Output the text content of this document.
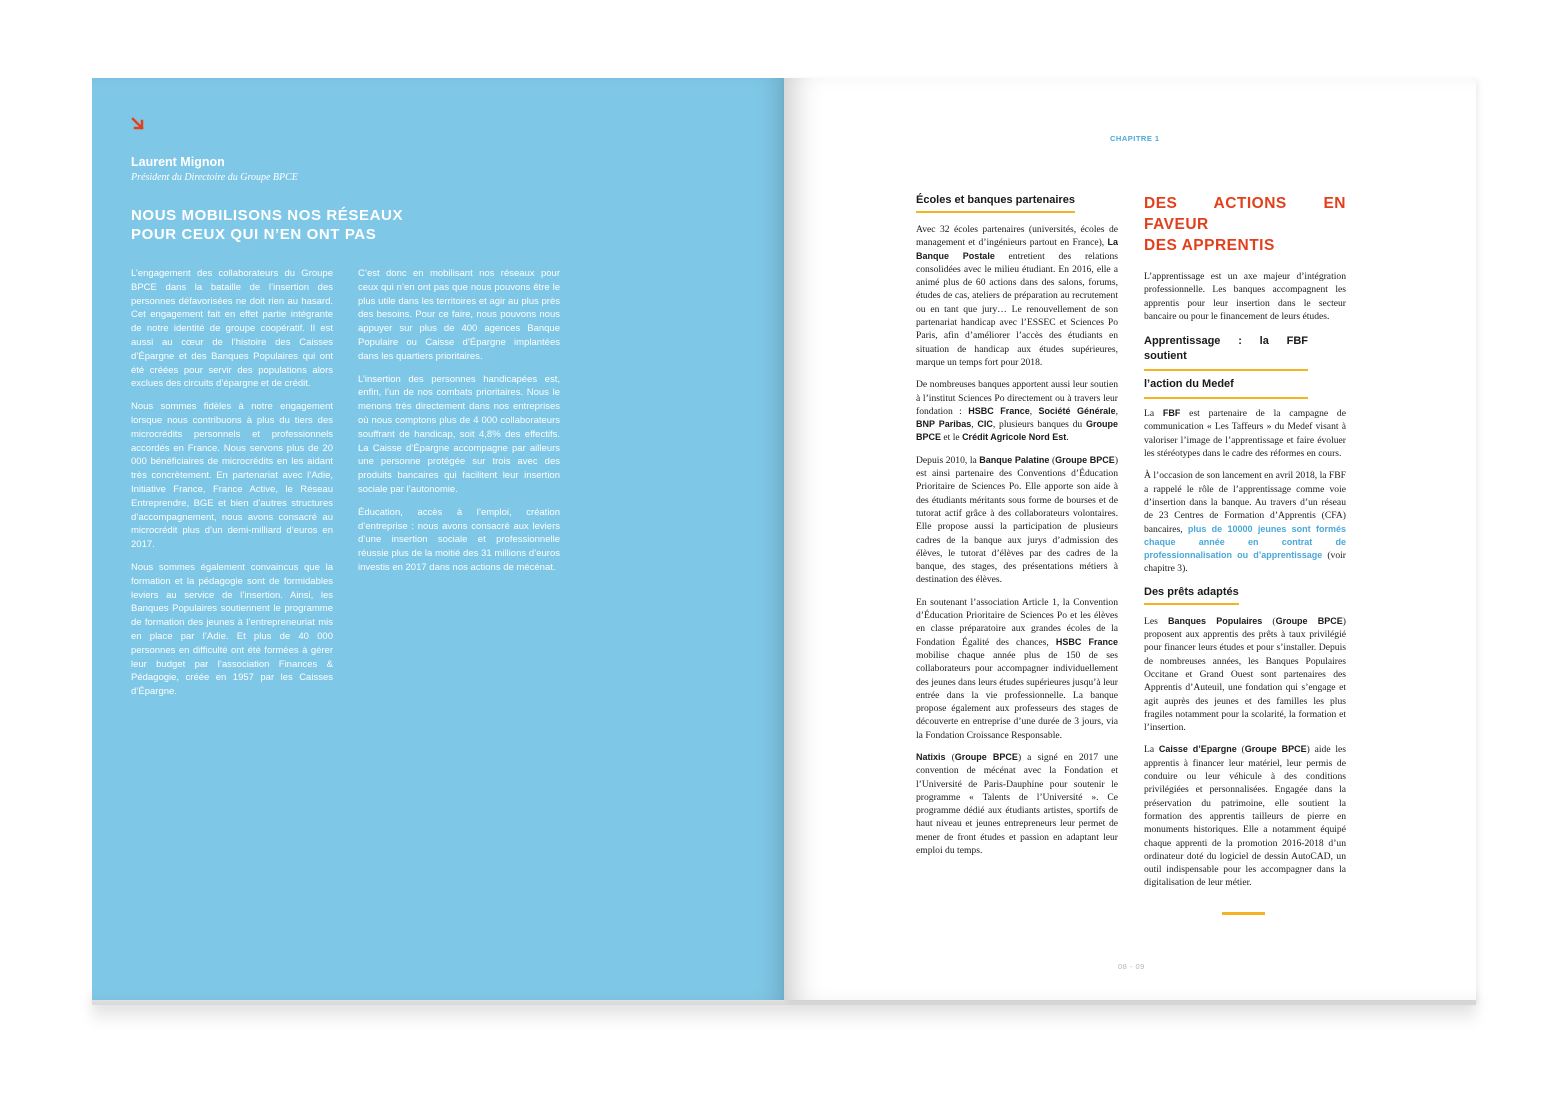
Laurent Mignon
Président du Directoire du Groupe BPCE
NOUS MOBILISONS NOS RÉSEAUX
POUR CEUX QUI N’EN ONT PAS

L’engagement des collaborateurs du Groupe BPCE dans la bataille de l’insertion des personnes défavorisées ne doit rien au hasard. Cet engagement fait en effet partie intégrante de notre identité de groupe coopératif. Il est aussi au cœur de l’histoire des Caisses d’Épargne et des Banques Populaires qui ont été créées pour servir des populations alors exclues des circuits d’épargne et de crédit.

Nous sommes fidèles à notre engagement lorsque nous contribuons à plus du tiers des microcrédits personnels et professionnels accordés en France. Nous servons plus de 20 000 bénéficiaires de microcrédits en les aidant très concrètement. En partenariat avec l’Adie, Initiative France, France Active, le Réseau Entreprendre, BGE et bien d’autres structures d’accompagnement, nous avons consacré au microcrédit plus d’un demi-milliard d’euros en 2017.

Nous sommes également convaincus que la formation et la pédagogie sont de formidables leviers au service de l’insertion. Ainsi, les Banques Populaires soutiennent le programme de formation des jeunes à l’entrepreneuriat mis en place par l’Adie. Et plus de 40 000 personnes en difficulté ont été formées à gérer leur budget par l’association Finances & Pédagogie, créée en 1957 par les Caisses d’Épargne.

C’est donc en mobilisant nos réseaux pour ceux qui n’en ont pas que nous pouvons être le plus utile dans les territoires et agir au plus près des besoins. Pour ce faire, nous pouvons nous appuyer sur plus de 400 agences Banque Populaire ou Caisse d’Épargne implantées dans les quartiers prioritaires.

L’insertion des personnes handicapées est, enfin, l’un de nos combats prioritaires. Nous le menons très directement dans nos entreprises où nous comptons plus de 4 000 collaborateurs souffrant de handicap, soit 4,8% des effectifs. La Caisse d’Épargne accompagne par ailleurs une personne protégée sur trois avec des produits bancaires qui facilitent leur insertion sociale par l’autonomie.

Éducation, accès à l’emploi, création d’entreprise : nous avons consacré aux leviers d’une insertion sociale et professionnelle réussie plus de la moitié des 31 millions d’euros investis en 2017 dans nos actions de mécénat.

CHAPITRE 1
Écoles et banques partenaires

Avec 32 écoles partenaires (universités, écoles de management et d’ingénieurs partout en France), La Banque Postale entretient des relations consolidées avec le milieu étudiant. En 2016, elle a animé plus de 60 actions dans des salons, forums, études de cas, ateliers de préparation au recrutement ou en tant que jury… Le renouvellement de son partenariat handicap avec l’ESSEC et Sciences Po Paris, afin d’améliorer l’accès des étudiants en situation de handicap aux études supérieures, marque un temps fort pour 2018.

De nombreuses banques apportent aussi leur soutien à l’institut Sciences Po directement ou à travers leur fondation : HSBC France, Société Générale, BNP Paribas, CIC, plusieurs banques du Groupe BPCE et le Crédit Agricole Nord Est.

Depuis 2010, la Banque Palatine (Groupe BPCE) est ainsi partenaire des Conventions d’Éducation Prioritaire de Sciences Po. Elle apporte son aide à des étudiants méritants sous forme de bourses et de tutorat actif grâce à des collaborateurs volontaires. Elle propose aussi la participation de plusieurs cadres de la banque aux jurys d’admission des élèves, le tutorat d’élèves par des cadres de la banque, des stages, des présentations métiers à destination des élèves.

En soutenant l’association Article 1, la Convention d’Éducation Prioritaire de Sciences Po et les élèves en classe préparatoire aux grandes écoles de la Fondation Égalité des chances, HSBC France mobilise chaque année plus de 150 de ses collaborateurs pour accompagner individuellement des jeunes dans leurs études supérieures jusqu’à leur entrée dans la vie professionnelle. La banque propose également aux professeurs des stages de découverte en entreprise d’une durée de 3 jours, via la Fondation Croissance Responsable.

Natixis (Groupe BPCE) a signé en 2017 une convention de mécénat avec la Fondation et l’Université de Paris-Dauphine pour soutenir le programme « Talents de l’Université ». Ce programme dédié aux étudiants artistes, sportifs de haut niveau et jeunes entrepreneurs leur permet de mener de front études et passion en adaptant leur emploi du temps.

DES ACTIONS EN FAVEUR
DES APPRENTIS

L’apprentissage est un axe majeur d’intégration professionnelle. Les banques accompagnent les apprentis pour leur insertion dans le secteur bancaire ou pour le financement de leurs études.

Apprentissage : la FBF soutient
l’action du Medef

La FBF est partenaire de la campagne de communication « Les Taffeurs » du Medef visant à valoriser l’image de l’apprentissage et faire évoluer les stéréotypes dans le cadre des réformes en cours.

À l’occasion de son lancement en avril 2018, la FBF a rappelé le rôle de l’apprentissage comme voie d’insertion dans la banque. Au travers d’un réseau de 23 Centres de Formation d’Apprentis (CFA) bancaires, plus de 10000 jeunes sont formés chaque année en contrat de professionnalisation ou d’apprentissage (voir chapitre 3).

Des prêts adaptés

Les Banques Populaires (Groupe BPCE) proposent aux apprentis des prêts à taux privilégié pour financer leurs études et pour s’installer. Depuis de nombreuses années, les Banques Populaires Occitane et Grand Ouest sont partenaires des Apprentis d’Auteuil, une fondation qui s’engage et agit auprès des jeunes et des familles les plus fragiles notamment pour la scolarité, la formation et l’insertion.

La Caisse d’Epargne (Groupe BPCE) aide les apprentis à financer leur matériel, leur permis de conduire ou leur véhicule à des conditions privilégiées et personnalisées. Engagée dans la préservation du patrimoine, elle soutient la formation des apprentis tailleurs de pierre en monuments historiques. Elle a notamment équipé chaque apprenti de la promotion 2016-2018 d’un ordinateur doté du logiciel de dessin AutoCAD, un outil indispensable pour les accompagner dans la digitalisation de leur métier.

08 - 09
